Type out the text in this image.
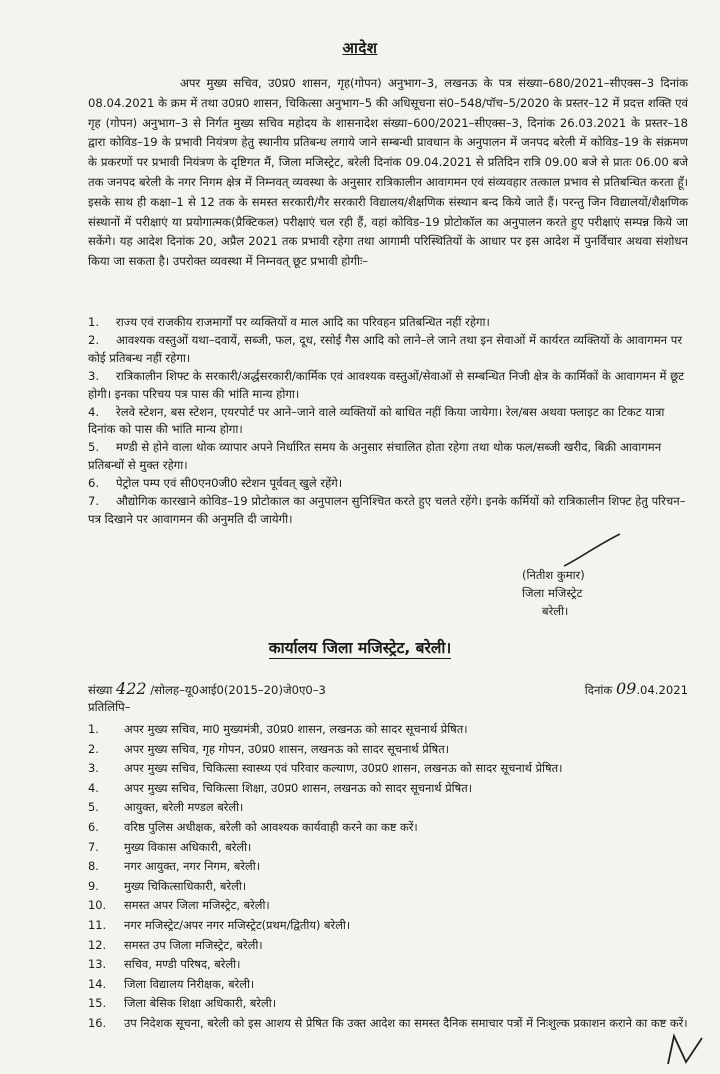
आदेश
अपर मुख्य सचिव, उ0प्र0 शासन, गृह(गोपन) अनुभाग–3, लखनऊ के पत्र संख्या–680/2021–सीएक्स–3 दिनांक 08.04.2021 के क्रम में तथा उ0प्र0 शासन, चिकित्सा अनुभाग–5 की अधिसूचना सं0–548/पॉच–5/2020 के प्रस्तर–12 में प्रदत्त शक्ति एवं गृह (गोपन) अनुभाग–3 से निर्गत मुख्य सचिव महोदय के शासनादेश संख्या–600/2021–सीएक्स–3, दिनांक 26.03.2021 के प्रस्तर–18 द्वारा कोविड–19 के प्रभावी नियंत्रण हेतु स्थानीय प्रतिबन्ध लगाये जाने सम्बन्धी प्रावधान के अनुपालन में जनपद बरेली में कोविड–19 के संक्रमण के प्रकरणों पर प्रभावी नियंत्रण के दृष्टिगत मैं, जिला मजिस्ट्रेट, बरेली दिनांक 09.04.2021 से प्रतिदिन रात्रि 09.00 बजे से प्रातः 06.00 बजे तक जनपद बरेली के नगर निगम क्षेत्र में निम्नवत् व्यवस्था के अनुसार रात्रिकालीन आवागमन एवं संव्यवहार तत्काल प्रभाव से प्रतिबन्धित करता हूँ। इसके साथ ही कक्षा–1 से 12 तक के समस्त सरकारी/गैर सरकारी विद्यालय/शैक्षणिक संस्थान बन्द किये जाते हैं। परन्तु जिन विद्यालयों/शैक्षणिक संस्थानों में परीक्षाएं या प्रयोगात्मक(प्रैक्टिकल) परीक्षाएं चल रही हैं, वहां कोविड–19 प्रोटोकॉल का अनुपालन करते हुए परीक्षाएं सम्पन्न किये जा सकेंगे। यह आदेश दिनांक 20, अप्रैल 2021 तक प्रभावी रहेगा तथा आगामी परिस्थितियों के आधार पर इस आदेश में पुनर्विचार अथवा संशोधन किया जा सकता है। उपरोक्त व्यवस्था में निम्नवत् छूट प्रभावी होगीः–
1. राज्य एवं राजकीय राजमार्गों पर व्यक्तियों व माल आदि का परिवहन प्रतिबन्धित नहीं रहेगा।
2. आवश्यक वस्तुओं यथा–दवायें, सब्जी, फल, दूध, रसोई गैस आदि को लाने–ले जाने तथा इन सेवाओं में कार्यरत व्यक्तियों के आवागमन पर कोई प्रतिबन्ध नहीं रहेगा।
3. रात्रिकालीन शिफ्ट के सरकारी/अर्द्धसरकारी/कार्मिक एवं आवश्यक वस्तुओं/सेवाओं से सम्बन्धित निजी क्षेत्र के कार्मिकों के आवागमन में छूट होगी। इनका परिचय पत्र पास की भांति मान्य होगा।
4. रेलवे स्टेशन, बस स्टेशन, एयरपोर्ट पर आने–जाने वाले व्यक्तियों को बाधित नहीं किया जायेगा। रेल/बस अथवा फ्लाइट का टिकट यात्रा दिनांक को पास की भांति मान्य होगा।
5. मण्डी से होने वाला थोक व्यापार अपने निर्धारित समय के अनुसार संचालित होता रहेगा तथा थोक फल/सब्जी खरीद, बिक्री आवागमन प्रतिबन्धों से मुक्त रहेगा।
6. पेट्रोल पम्प एवं सी0एन0जी0 स्टेशन पूर्ववत् खुले रहेंगे।
7. औद्योगिक कारखाने कोविड–19 प्रोटोकाल का अनुपालन सुनिश्चित करते हुए चलते रहेंगे। इनके कर्मियों को रात्रिकालीन शिफ्ट हेतु परिचन–पत्र दिखाने पर आवागमन की अनुमति दी जायेगी।
(नितीश कुमार)
जिला मजिस्ट्रेट
बरेली।
कार्यालय जिला मजिस्ट्रेट, बरेली।
संख्या 422 /सोलह–यू0आई0(2015–20)जे0ए0–3	दिनांक 09.04.2021
प्रतिलिपि–
1. अपर मुख्य सचिव, मा0 मुख्यमंत्री, उ0प्र0 शासन, लखनऊ को सादर सूचनार्थ प्रेषित।
2. अपर मुख्य सचिव, गृह गोपन, उ0प्र0 शासन, लखनऊ को सादर सूचनार्थ प्रेषित।
3. अपर मुख्य सचिव, चिकित्सा स्वास्थ्य एवं परिवार कल्याण, उ0प्र0 शासन, लखनऊ को सादर सूचनार्थ प्रेषित।
4. अपर मुख्य सचिव, चिकित्सा शिक्षा, उ0प्र0 शासन, लखनऊ को सादर सूचनार्थ प्रेषित।
5. आयुक्त, बरेली मण्डल बरेली।
6. वरिष्ठ पुलिस अधीक्षक, बरेली को आवश्यक कार्यवाही करने का कष्ट करें।
7. मुख्य विकास अधिकारी, बरेली।
8. नगर आयुक्त, नगर निगम, बरेली।
9. मुख्य चिकित्साधिकारी, बरेली।
10. समस्त अपर जिला मजिस्ट्रेट, बरेली।
11. नगर मजिस्ट्रेट/अपर नगर मजिस्ट्रेट(प्रथम/द्वितीय) बरेली।
12. समस्त उप जिला मजिस्ट्रेट, बरेली।
13. सचिव, मण्डी परिषद, बरेली।
14. जिला विद्यालय निरीक्षक, बरेली।
15. जिला बेसिक शिक्षा अधिकारी, बरेली।
16. उप निदेशक सूचना, बरेली को इस आशय से प्रेषित कि उक्त आदेश का समस्त दैनिक समाचार पत्रों में निःशुल्क प्रकाशन कराने का कष्ट करें।
